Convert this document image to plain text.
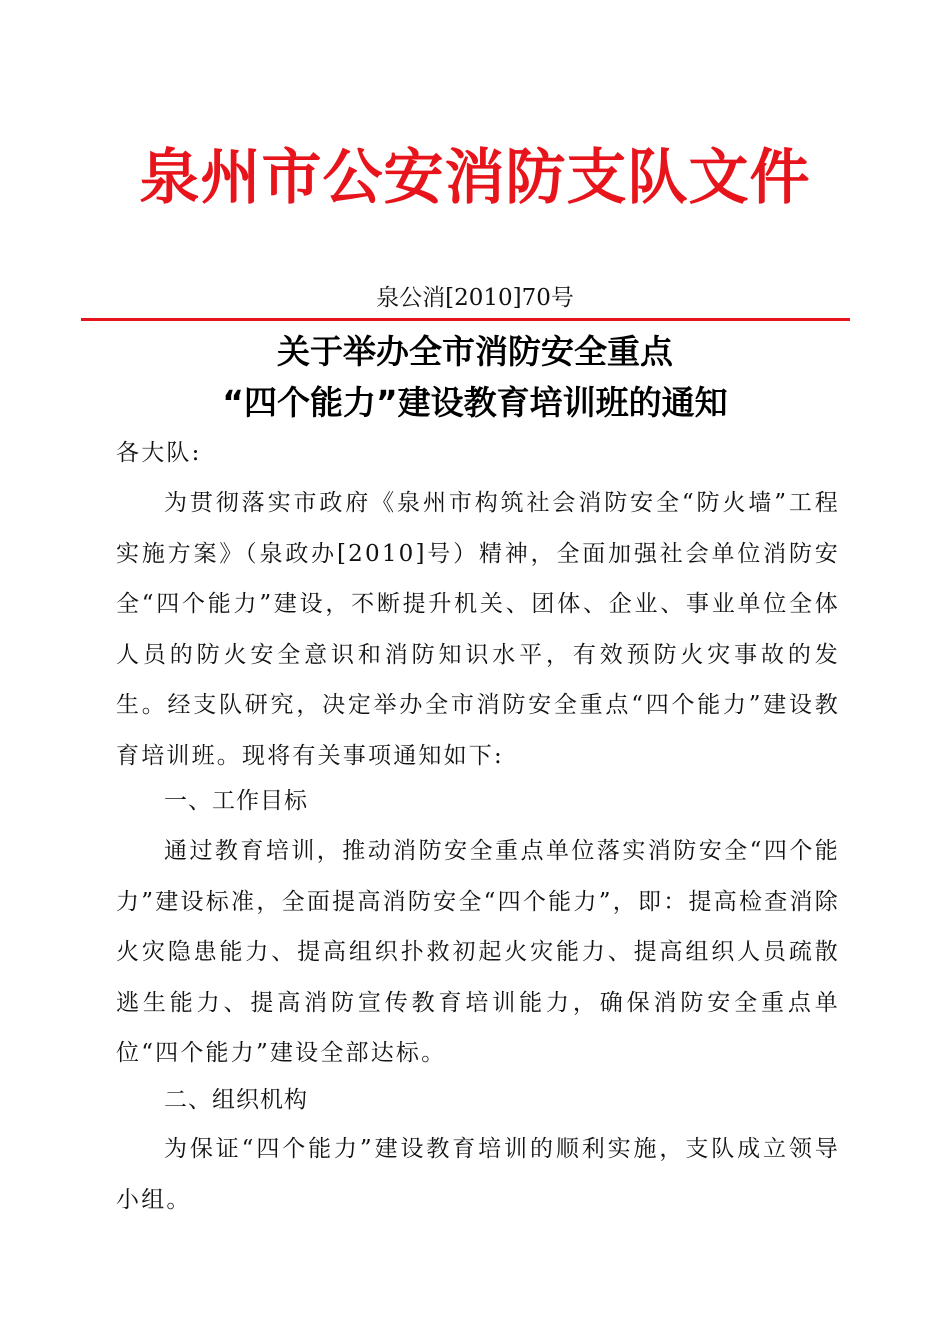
泉州市公安消防支队文件
泉公消[2010]70号
关于举办全市消防安全重点
“四个能力”建设教育培训班的通知
各大队:
为贯彻落实市政府《泉州市构筑社会消防安全“防火墙”工程实施方案》（泉政办[2010]号）精神，全面加强社会单位消防安全“四个能力”建设，不断提升机关、团体、企业、事业单位全体人员的防火安全意识和消防知识水平，有效预防火灾事故的发生。经支队研究，决定举办全市消防安全重点“四个能力”建设教育培训班。现将有关事项通知如下:
一、工作目标
通过教育培训，推动消防安全重点单位落实消防安全“四个能力”建设标准，全面提高消防安全“四个能力”，即：提高检查消除火灾隐患能力、提高组织扑救初起火灾能力、提高组织人员疏散逃生能力、提高消防宣传教育培训能力，确保消防安全重点单位“四个能力”建设全部达标。
二、组织机构
为保证“四个能力”建设教育培训的顺利实施，支队成立领导小组。
